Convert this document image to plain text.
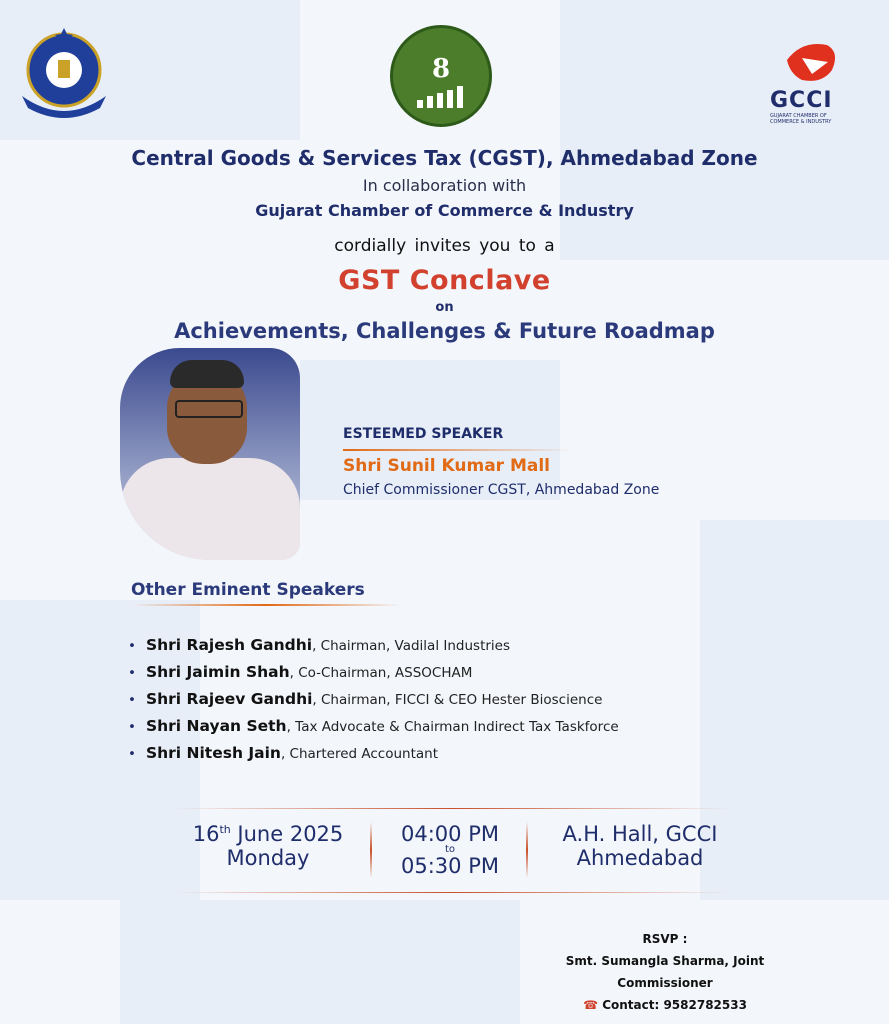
8
GCCI
GUJARAT CHAMBER OF COMMERCE & INDUSTRY
Central Goods & Services Tax (CGST), Ahmedabad Zone
In collaboration with
Gujarat Chamber of Commerce & Industry
cordially invites you to a
GST Conclave
on
Achievements, Challenges & Future Roadmap
ESTEEMED SPEAKER
Shri Sunil Kumar Mall
Chief Commissioner CGST, Ahmedabad Zone
Other Eminent Speakers
• Shri Rajesh Gandhi, Chairman, Vadilal Industries
• Shri Jaimin Shah, Co-Chairman, ASSOCHAM
• Shri Rajeev Gandhi, Chairman, FICCI & CEO Hester Bioscience
• Shri Nayan Seth, Tax Advocate & Chairman Indirect Tax Taskforce
• Shri Nitesh Jain, Chartered Accountant
16th June 2025
Monday
04:00 PM
to
05:30 PM
A.H. Hall, GCCI
Ahmedabad
RSVP :
Smt. Sumangla Sharma, Joint Commissioner
☎ Contact: 9582782533
